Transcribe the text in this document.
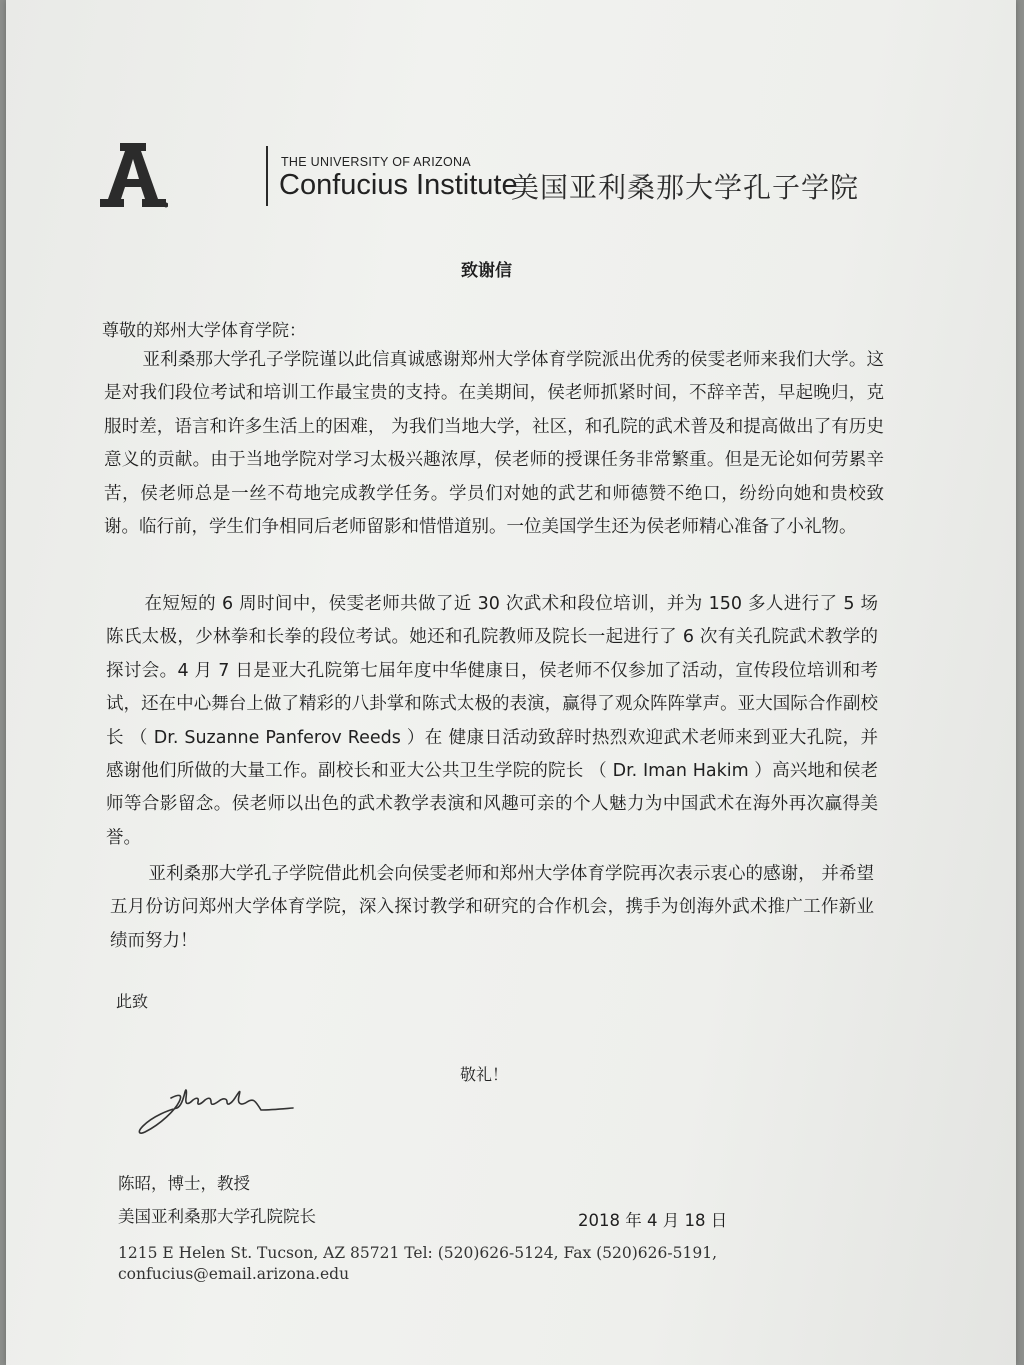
THE UNIVERSITY OF ARIZONA
Confucius Institute
美国亚利桑那大学孔子学院
致谢信
尊敬的郑州大学体育学院：
亚利桑那大学孔子学院谨以此信真诚感谢郑州大学体育学院派出优秀的侯雯老师来我们大学。这是对我们段位考试和培训工作最宝贵的支持。在美期间，侯老师抓紧时间，不辞辛苦，早起晚归，克服时差，语言和许多生活上的困难， 为我们当地大学，社区，和孔院的武术普及和提高做出了有历史意义的贡献。由于当地学院对学习太极兴趣浓厚，侯老师的授课任务非常繁重。但是无论如何劳累辛苦，侯老师总是一丝不苟地完成教学任务。学员们对她的武艺和师德赞不绝口，纷纷向她和贵校致谢。临行前，学生们争相同后老师留影和惜惜道别。一位美国学生还为侯老师精心准备了小礼物。
在短短的 6 周时间中，侯雯老师共做了近 30 次武术和段位培训，并为 150 多人进行了 5 场陈氏太极，少林拳和长拳的段位考试。她还和孔院教师及院长一起进行了 6 次有关孔院武术教学的探讨会。4 月 7 日是亚大孔院第七届年度中华健康日，侯老师不仅参加了活动，宣传段位培训和考试，还在中心舞台上做了精彩的八卦掌和陈式太极的表演，赢得了观众阵阵掌声。亚大国际合作副校长 （ Dr. Suzanne Panferov Reeds ）在 健康日活动致辞时热烈欢迎武术老师来到亚大孔院，并感谢他们所做的大量工作。副校长和亚大公共卫生学院的院长 （ Dr. Iman Hakim ）高兴地和侯老师等合影留念。侯老师以出色的武术教学表演和风趣可亲的个人魅力为中国武术在海外再次赢得美誉。
亚利桑那大学孔子学院借此机会向侯雯老师和郑州大学体育学院再次表示衷心的感谢， 并希望五月份访问郑州大学体育学院，深入探讨教学和研究的合作机会，携手为创海外武术推广工作新业绩而努力！
此致
敬礼！
陈昭，博士，教授
美国亚利桑那大学孔院院长	2018 年 4 月 18 日
1215 E Helen St. Tucson, AZ 85721 Tel: (520)626-5124, Fax (520)626-5191,
confucius@email.arizona.edu
